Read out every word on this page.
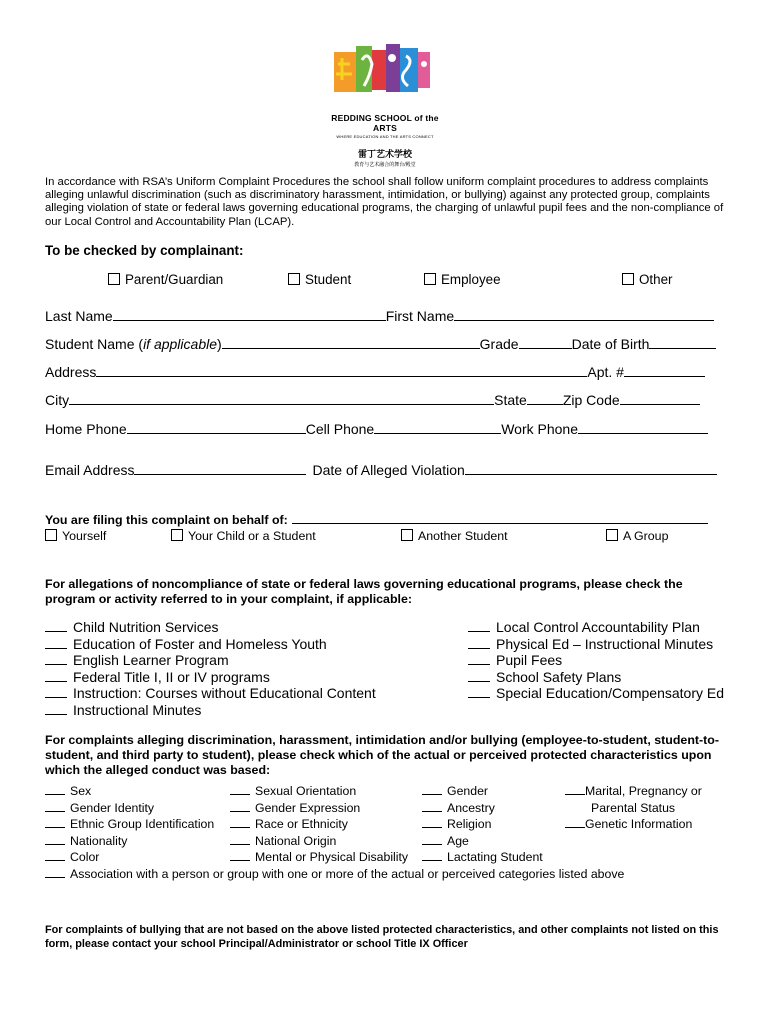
REDDING SCHOOL of the ARTS
WHERE EDUCATION AND THE ARTS CONNECT
雷丁艺术学校
教育与艺术融合的舞台/殿堂
In accordance with RSA’s Uniform Complaint Procedures the school shall follow uniform complaint procedures to address complaints alleging unlawful discrimination (such as discriminatory harassment, intimidation, or bullying) against any protected group, complaints alleging violation of state or federal laws governing educational programs, the charging of unlawful pupil fees and the non-compliance of our Local Control and Accountability Plan (LCAP).
To be checked by complainant:
Parent/Guardian	Student	Employee	Other
Last Name	First Name
Student Name (if applicable)	Grade	Date of Birth
Address	Apt. #
City	State	Zip Code
Home Phone	Cell Phone	Work Phone
Email Address	Date of Alleged Violation
You are filing this complaint on behalf of:
Yourself	Your Child or a Student	Another Student	A Group
For allegations of noncompliance of state or federal laws governing educational programs, please check the program or activity referred to in your complaint, if applicable:
Child Nutrition Services
Education of Foster and Homeless Youth
English Learner Program
Federal Title I, II or IV programs
Instruction: Courses without Educational Content
Instructional Minutes
Local Control Accountability Plan
Physical Ed – Instructional Minutes
Pupil Fees
School Safety Plans
Special Education/Compensatory Ed
For complaints alleging discrimination, harassment, intimidation and/or bullying (employee-to-student, student-to-student, and third party to student), please check which of the actual or perceived protected characteristics upon which the alleged conduct was based:
Sex
Gender Identity
Ethnic Group Identification
Nationality
Color
Sexual Orientation
Gender Expression
Race or Ethnicity
National Origin
Mental or Physical Disability
Gender
Ancestry
Religion
Age
Lactating Student
Marital, Pregnancy or
Parental Status
Genetic Information
Association with a person or group with one or more of the actual or perceived categories listed above
For complaints of bullying that are not based on the above listed protected characteristics, and other complaints not listed on this form, please contact your school Principal/Administrator or school Title IX Officer
